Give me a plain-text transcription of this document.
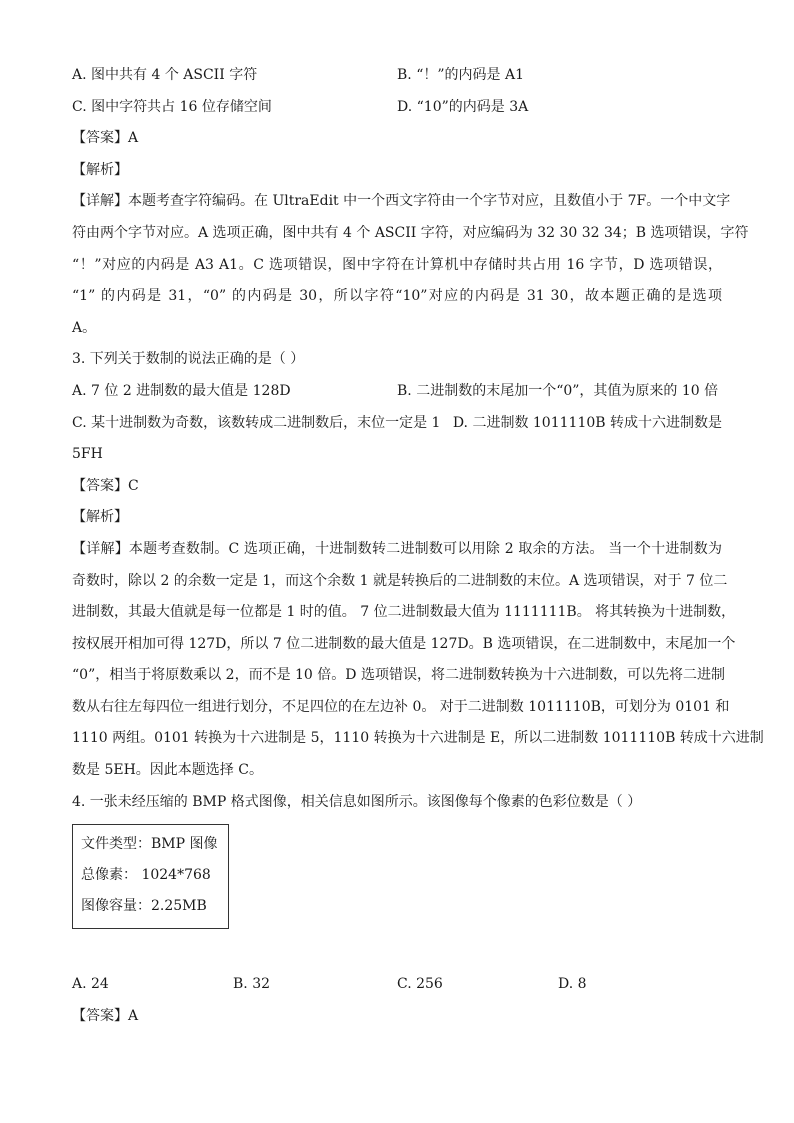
A. 图中共有 4 个 ASCII 字符	B. “！”的内码是 A1
C. 图中字符共占 16 位存储空间	D. “10”的内码是 3A
【答案】A
【解析】
【详解】本题考查字符编码。在 UltraEdit 中一个西文字符由一个字节对应，且数值小于 7F。一个中文字
符由两个字节对应。A 选项正确，图中共有 4 个 ASCII 字符，对应编码为 32 30 32 34；B 选项错误，字符
“！”对应的内码是 A3 A1。C 选项错误，图中字符在计算机中存储时共占用 16 字节，D 选项错误，
“1” 的内码是 31，“0” 的内码是 30，所以字符“10”对应的内码是 31 30，故本题正确的是选项
A。
3. 下列关于数制的说法正确的是（ ）
A. 7 位 2 进制数的最大值是 128D	B. 二进制数的末尾加一个“0”，其值为原来的 10 倍
C. 某十进制数为奇数，该数转成二进制数后，末位一定是 1 D. 二进制数 1011110B 转成十六进制数是
5FH
【答案】C
【解析】
【详解】本题考查数制。C 选项正确，十进制数转二进制数可以用除 2 取余的方法。 当一个十进制数为
奇数时，除以 2 的余数一定是 1，而这个余数 1 就是转换后的二进制数的末位。A 选项错误，对于 7 位二
进制数，其最大值就是每一位都是 1 时的值。 7 位二进制数最大值为 1111111B。 将其转换为十进制数，
按权展开相加可得 127D，所以 7 位二进制数的最大值是 127D。B 选项错误，在二进制数中，末尾加一个
“0”，相当于将原数乘以 2，而不是 10 倍。D 选项错误，将二进制数转换为十六进制数，可以先将二进制
数从右往左每四位一组进行划分，不足四位的在左边补 0。 对于二进制数 1011110B，可划分为 0101 和
1110 两组。0101 转换为十六进制是 5，1110 转换为十六进制是 E，所以二进制数 1011110B 转成十六进制
数是 5EH。因此本题选择 C。
4. 一张未经压缩的 BMP 格式图像，相关信息如图所示。该图像每个像素的色彩位数是（ ）
文件类型：BMP 图像
总像素： 1024*768
图像容量：2.25MB
A. 24	B. 32	C. 256	D. 8
【答案】A
